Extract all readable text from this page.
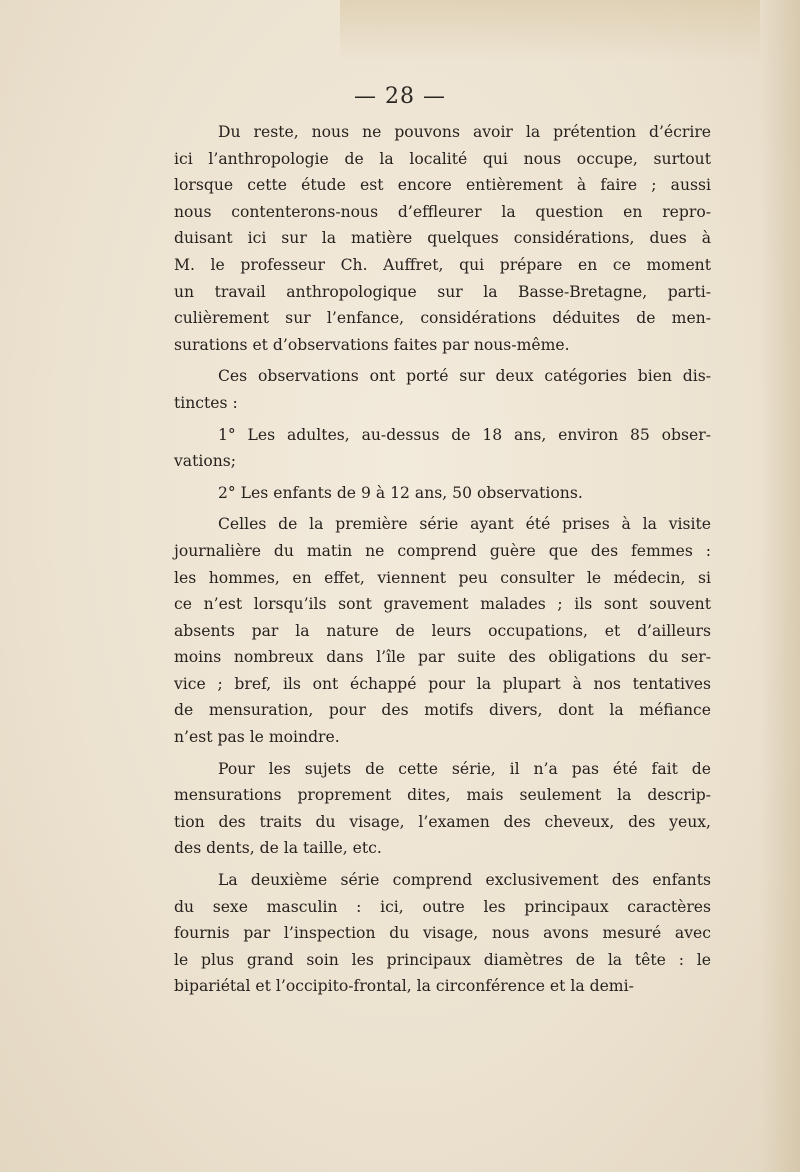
— 28 —
Du reste, nous ne pouvons avoir la prétention d’écrire
ici l’anthropologie de la localité qui nous occupe, surtout
lorsque cette étude est encore entièrement à faire ; aussi
nous contenterons-nous d’effleurer la question en repro-
duisant ici sur la matière quelques considérations, dues à
M. le professeur Ch. Auffret, qui prépare en ce moment
un travail anthropologique sur la Basse-Bretagne, parti-
culièrement sur l’enfance, considérations déduites de men-
surations et d’observations faites par nous-même.
Ces observations ont porté sur deux catégories bien dis-
tinctes :
1° Les adultes, au-dessus de 18 ans, environ 85 obser-
vations;
2° Les enfants de 9 à 12 ans, 50 observations.
Celles de la première série ayant été prises à la visite
journalière du matin ne comprend guère que des femmes :
les hommes, en effet, viennent peu consulter le médecin, si
ce n’est lorsqu’ils sont gravement malades ; ils sont souvent
absents par la nature de leurs occupations, et d’ailleurs
moins nombreux dans l’île par suite des obligations du ser-
vice ; bref, ils ont échappé pour la plupart à nos tentatives
de mensuration, pour des motifs divers, dont la méfiance
n’est pas le moindre.
Pour les sujets de cette série, il n’a pas été fait de
mensurations proprement dites, mais seulement la descrip-
tion des traits du visage, l’examen des cheveux, des yeux,
des dents, de la taille, etc.
La deuxième série comprend exclusivement des enfants
du sexe masculin : ici, outre les principaux caractères
fournis par l’inspection du visage, nous avons mesuré avec
le plus grand soin les principaux diamètres de la tête : le
bipariétal et l’occipito-frontal, la circonférence et la demi-
